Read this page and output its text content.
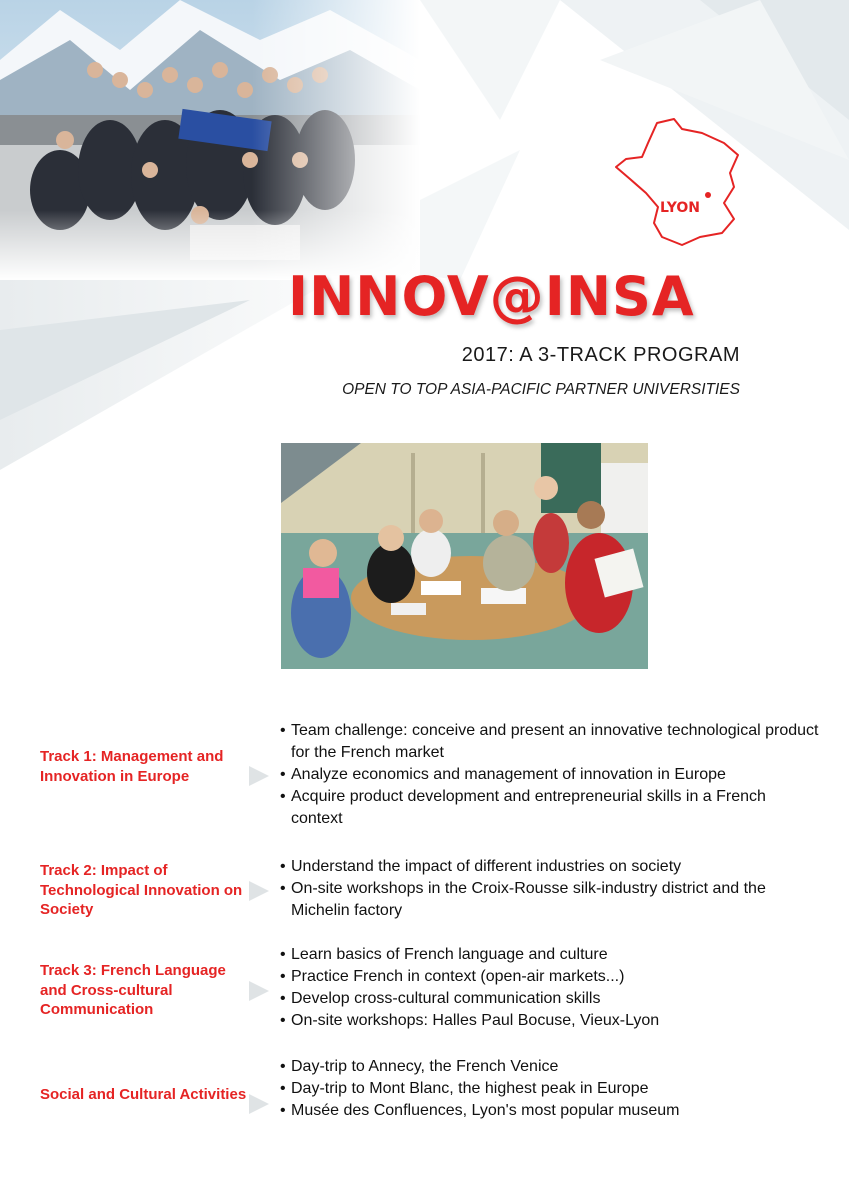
LYON
INNOV@INSA
2017: A 3-TRACK PROGRAM
OPEN TO TOP ASIA-PACIFIC PARTNER UNIVERSITIES
Track 1: Management and Innovation in Europe
• Team challenge: conceive and present an innovative technological product for the French market
• Analyze economics and management of innovation in Europe
• Acquire product development and entrepreneurial skills in a French context
Track 2: Impact of Technological Innovation on Society
• Understand the impact of different industries on society
• On-site workshops in the Croix-Rousse silk-industry district and the Michelin factory
Track 3: French Language and Cross-cultural Communication
• Learn basics of French language and culture
• Practice French in context (open-air markets...)
• Develop cross-cultural communication skills
• On-site workshops: Halles Paul Bocuse, Vieux-Lyon
Social and Cultural Activities
• Day-trip to Annecy, the French Venice
• Day-trip to Mont Blanc, the highest peak in Europe
• Musée des Confluences, Lyon's most popular museum
